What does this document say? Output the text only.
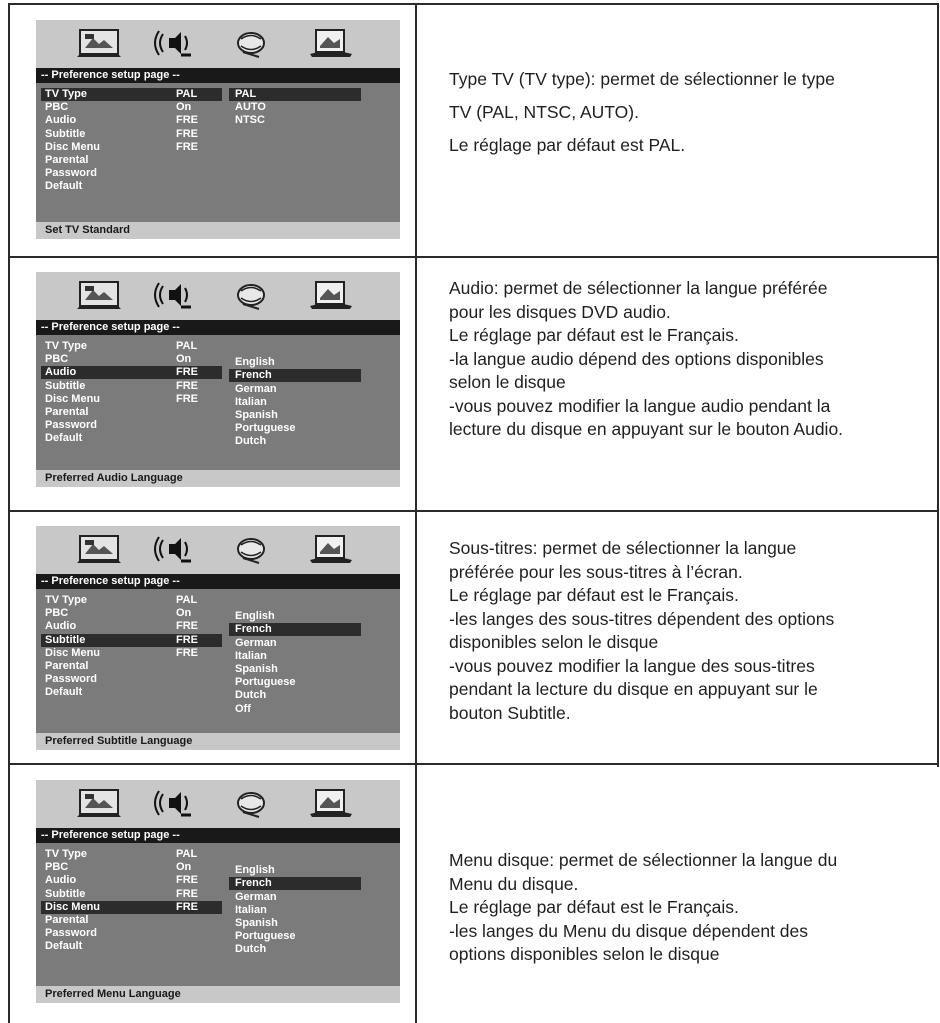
-- Preference setup page --
TV Type	PAL
PBC	On
Audio	FRE
Subtitle	FRE
Disc Menu	FRE
Parental
Password
Default
PAL
AUTO
NTSC
Set TV Standard

Type TV (TV type): permet de sélectionner le type

TV (PAL, NTSC, AUTO).

Le réglage par défaut est PAL.

-- Preference setup page --
TV Type	PAL
PBC	On
Audio	FRE
Subtitle	FRE
Disc Menu	FRE
Parental
Password
Default
English
French
German
Italian
Spanish
Portuguese
Dutch
Preferred Audio Language

Audio: permet de sélectionner la langue préférée

pour les disques DVD audio.

Le réglage par défaut est le Français.

-la langue audio dépend des options disponibles

selon le disque

-vous pouvez modifier la langue audio pendant la

lecture du disque en appuyant sur le bouton Audio.

-- Preference setup page --
TV Type	PAL
PBC	On
Audio	FRE
Subtitle	FRE
Disc Menu	FRE
Parental
Password
Default
English
French
German
Italian
Spanish
Portuguese
Dutch
Off
Preferred Subtitle Language

Sous-titres: permet de sélectionner la langue

préférée pour les sous-titres à l’écran.

Le réglage par défaut est le Français.

-les langes des sous-titres dépendent des options

disponibles selon le disque

-vous pouvez modifier la langue des sous-titres

pendant la lecture du disque en appuyant sur le

bouton Subtitle.

-- Preference setup page --
TV Type	PAL
PBC	On
Audio	FRE
Subtitle	FRE
Disc Menu	FRE
Parental
Password
Default
English
French
German
Italian
Spanish
Portuguese
Dutch
Preferred Menu Language

Menu disque: permet de sélectionner la langue du

Menu du disque.

Le réglage par défaut est le Français.

-les langes du Menu du disque dépendent des

options disponibles selon le disque
